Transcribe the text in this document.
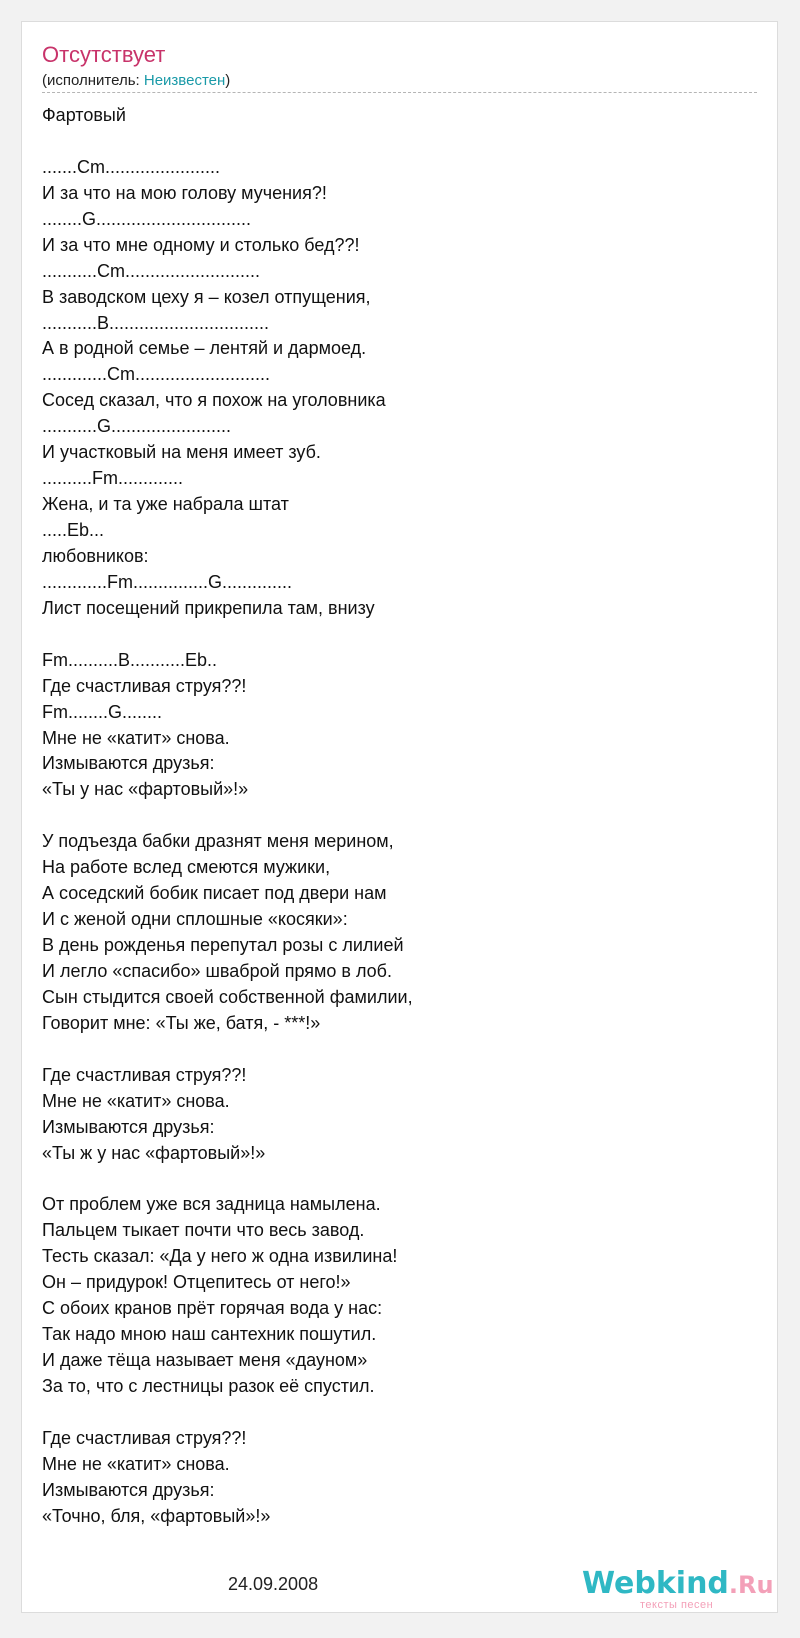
Отсутствует
(исполнитель: Неизвестен)
Фартовый
.......Cm.......................
И за что на мою голову мучения?!
........G...............................
И за что мне одному и столько бед??!
...........Cm...........................
В заводском цеху я – козел отпущения,
...........B................................
А в родной семье – лентяй и дармоед.
.............Cm...........................
Сосед сказал, что я похож на уголовника
...........G........................
И участковый на меня имеет зуб.
..........Fm.............
Жена, и та уже набрала штат
.....Eb...
любовников:
.............Fm...............G..............
Лист посещений прикрепила там, внизу
Fm..........B...........Eb..
Где счастливая струя??!
Fm........G........
Мне не «катит» снова.
Измываются друзья:
«Ты у нас «фартовый»!»
У подъезда бабки дразнят меня мерином,
На работе вслед смеются мужики,
А соседский бобик писает под двери нам
И с женой одни сплошные «косяки»:
В день рожденья перепутал розы с лилией
И легло «спасибо» шваброй прямо в лоб.
Сын стыдится своей собственной фамилии,
Говорит мне: «Ты же, батя, - ***!»
Где счастливая струя??!
Мне не «катит» снова.
Измываются друзья:
«Ты ж у нас «фартовый»!»
От проблем уже вся задница намылена.
Пальцем тыкает почти что весь завод.
Тесть сказал: «Да у него ж одна извилина!
Он – придурок! Отцепитесь от него!»
С обоих кранов прёт горячая вода у нас:
Так надо мною наш сантехник пошутил.
И даже тёща называет меня «дауном»
За то, что с лестницы разок её спустил.
Где счастливая струя??!
Мне не «катит» снова.
Измываются друзья:
«Точно, бля, «фартовый»!»
24.09.2008	Webkind.Ru
тексты песен
